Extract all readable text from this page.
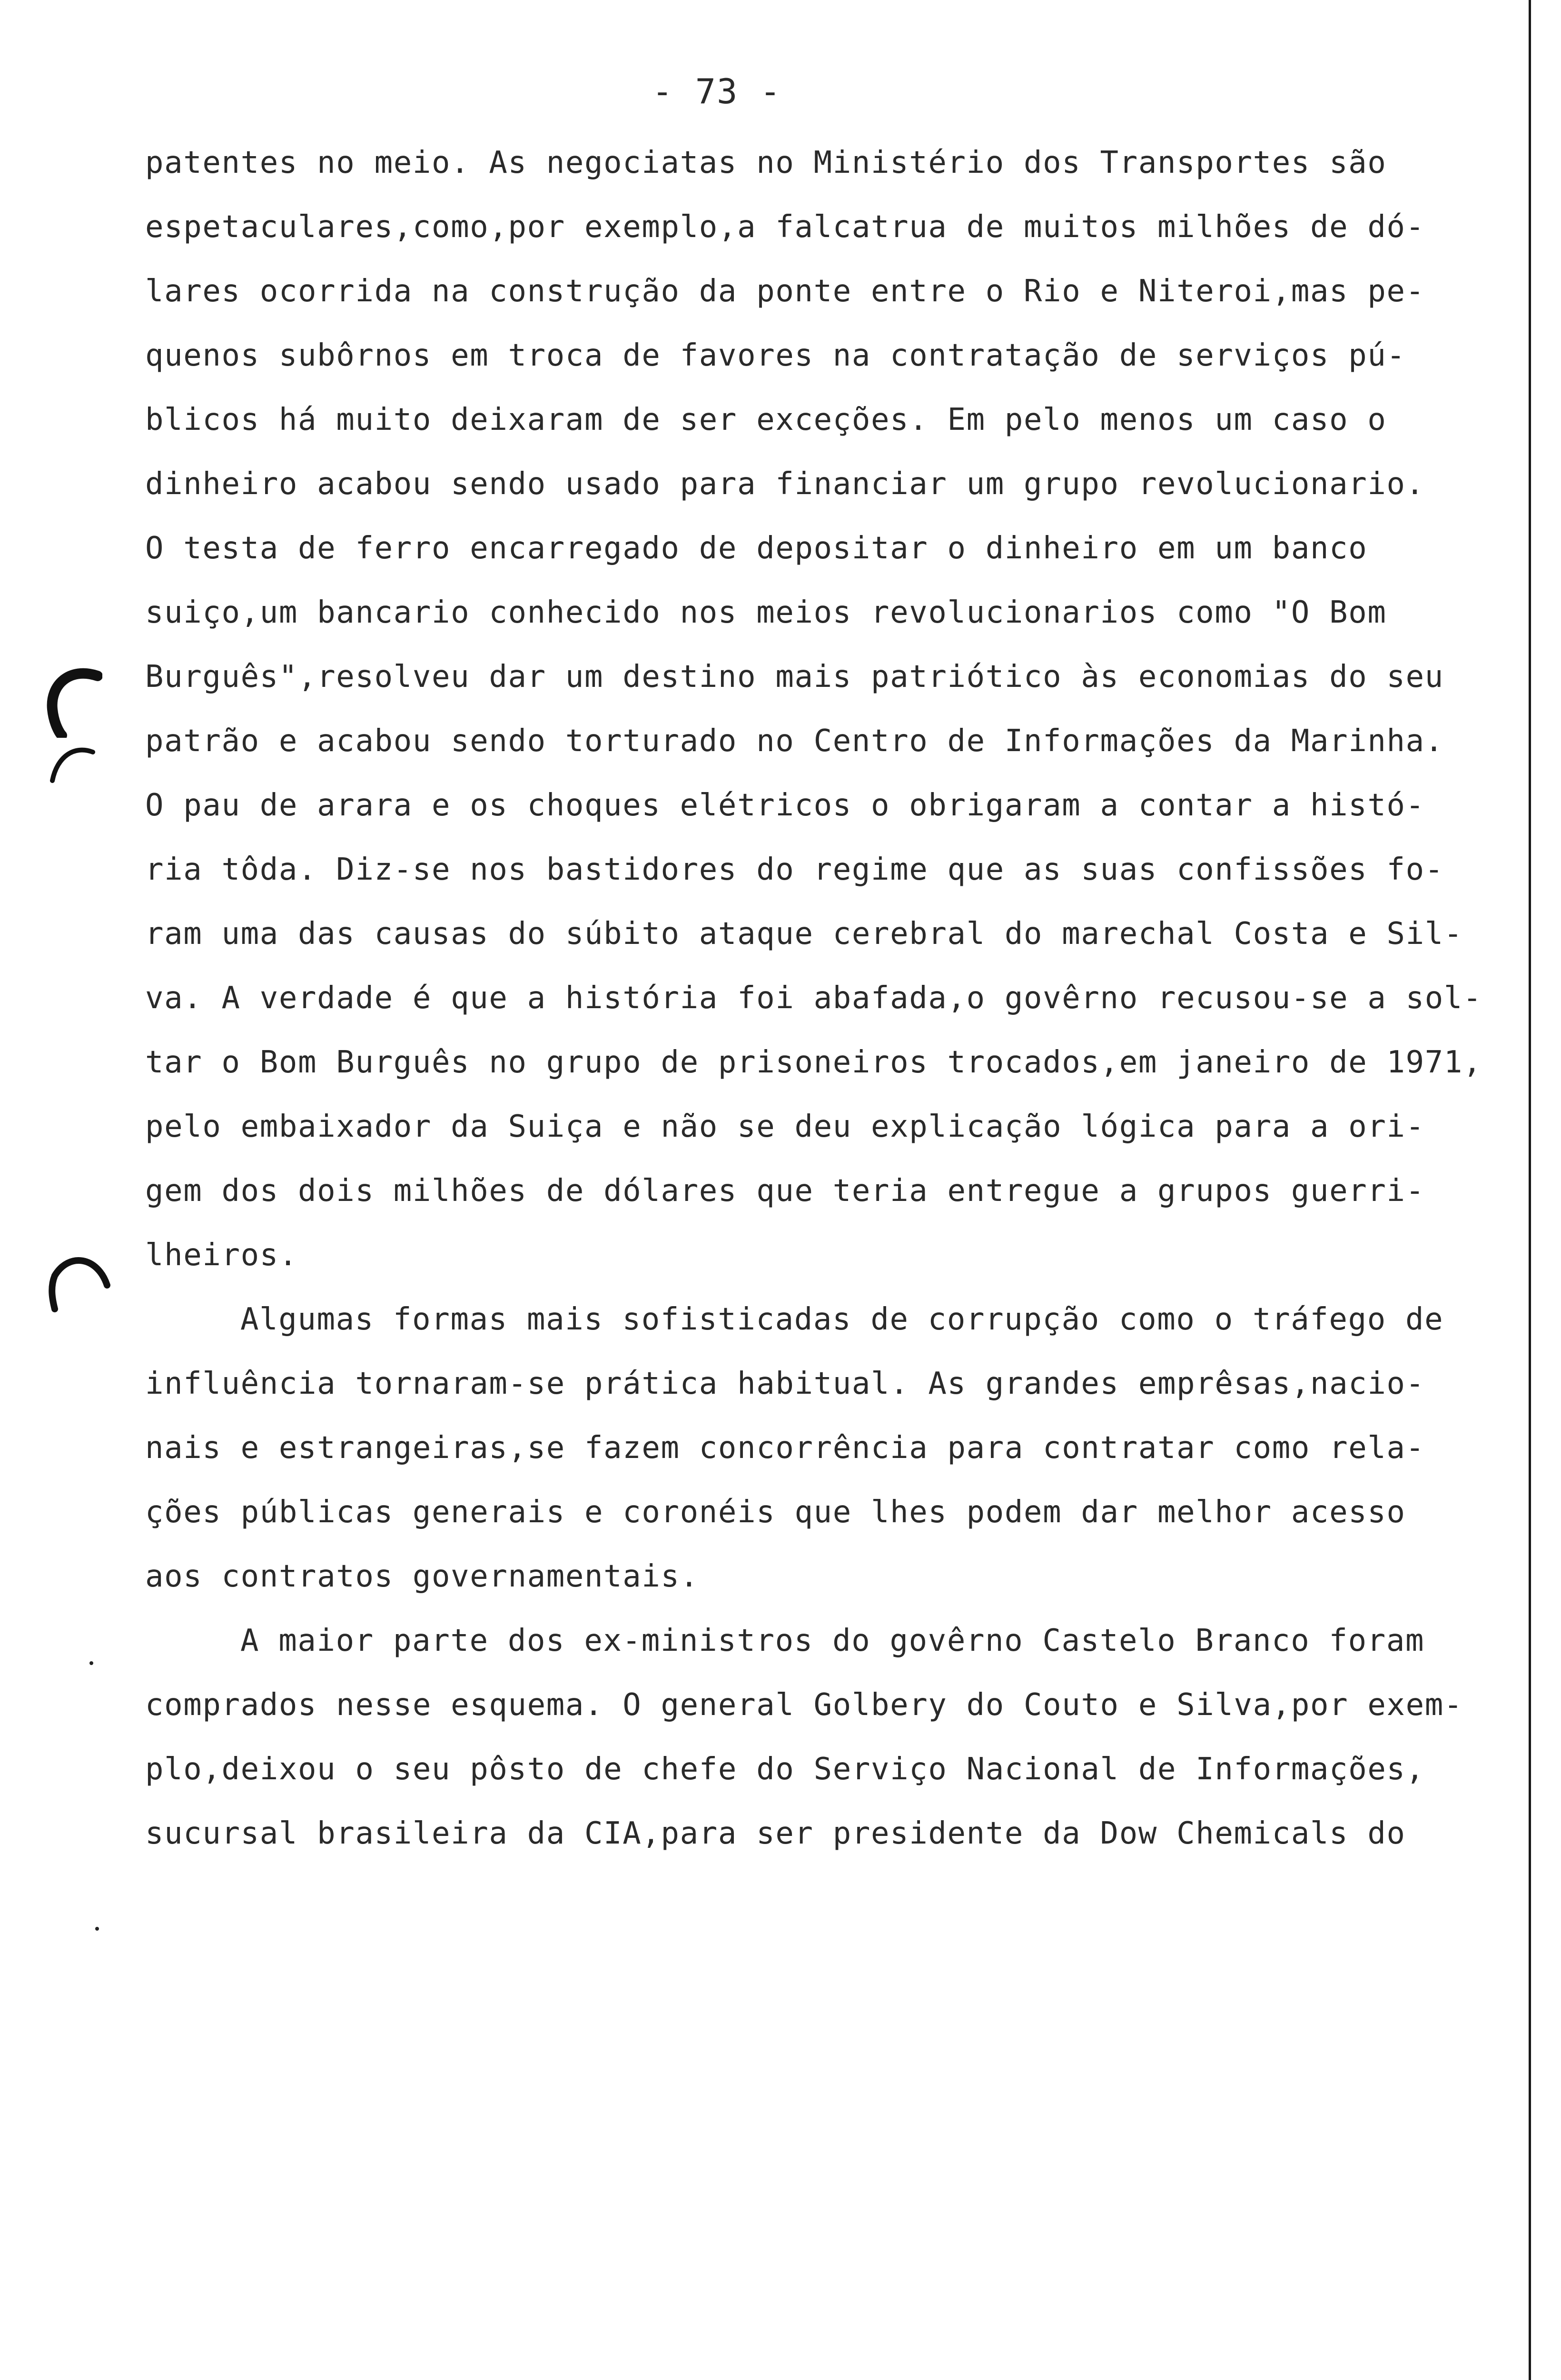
- 73 -
patentes no meio. As negociatas no Ministério dos Transportes são
espetaculares,como,por exemplo,a falcatrua de muitos milhões de dó-
lares ocorrida na construção da ponte entre o Rio e Niteroi,mas pe-
quenos subôrnos em troca de favores na contratação de serviços pú-
blicos há muito deixaram de ser exceções. Em pelo menos um caso o
dinheiro acabou sendo usado para financiar um grupo revolucionario.
O testa de ferro encarregado de depositar o dinheiro em um banco
suiço,um bancario conhecido nos meios revolucionarios como "O Bom
Burguês",resolveu dar um destino mais patriótico às economias do seu
patrão e acabou sendo torturado no Centro de Informações da Marinha.
O pau de arara e os choques elétricos o obrigaram a contar a histó-
ria tôda. Diz-se nos bastidores do regime que as suas confissões fo-
ram uma das causas do súbito ataque cerebral do marechal Costa e Sil-
va. A verdade é que a história foi abafada,o govêrno recusou-se a sol-
tar o Bom Burguês no grupo de prisoneiros trocados,em janeiro de 1971,
pelo embaixador da Suiça e não se deu explicação lógica para a ori-
gem dos dois milhões de dólares que teria entregue a grupos guerri-
lheiros.
Algumas formas mais sofisticadas de corrupção como o tráfego de
influência tornaram-se prática habitual. As grandes emprêsas,nacio-
nais e estrangeiras,se fazem concorrência para contratar como rela-
ções públicas generais e coronéis que lhes podem dar melhor acesso
aos contratos governamentais.
A maior parte dos ex-ministros do govêrno Castelo Branco foram
comprados nesse esquema. O general Golbery do Couto e Silva,por exem-
plo,deixou o seu pôsto de chefe do Serviço Nacional de Informações,
sucursal brasileira da CIA,para ser presidente da Dow Chemicals do
